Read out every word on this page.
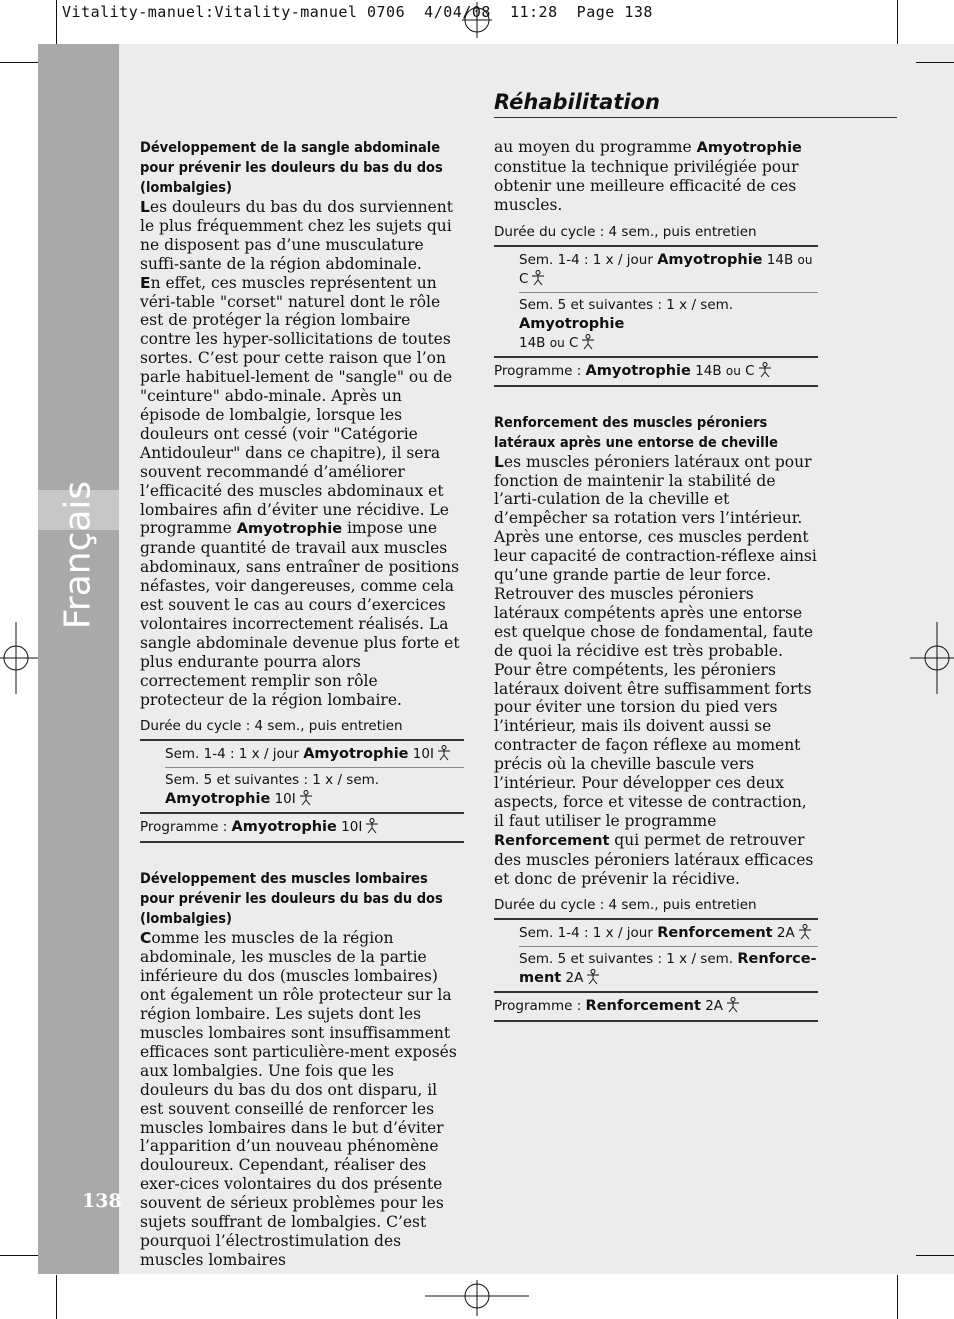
Vitality-manuel:Vitality-manuel 0706  4/04/08  11:28  Page 138
Français
138
Réhabilitation

Développement de la sangle abdominale pour prévenir les douleurs du bas du dos (lombalgies)

Les douleurs du bas du dos surviennent le plus fréquemment chez les sujets qui ne disposent pas d’une musculature suffi-sante de la région abdominale.

En effet, ces muscles représentent un véri-table "corset" naturel dont le rôle est de protéger la région lombaire contre les hyper-sollicitations de toutes sortes. C’est pour cette raison que l’on parle habituel-lement de "sangle" ou de "ceinture" abdo-minale. Après un épisode de lombalgie, lorsque les douleurs ont cessé (voir "Catégorie Antidouleur" dans ce chapitre), il sera souvent recommandé d’améliorer l’efficacité des muscles abdominaux et lombaires afin d’éviter une récidive. Le programme Amyotrophie impose une grande quantité de travail aux muscles abdominaux, sans entraîner de positions néfastes, voir dangereuses, comme cela est souvent le cas au cours d’exercices volontaires incorrectement réalisés. La sangle abdominale devenue plus forte et plus endurante pourra alors correctement remplir son rôle protecteur de la région lombaire.

Durée du cycle : 4 sem., puis entretien

Sem. 1-4 : 1 x / jour Amyotrophie 10I
Sem. 5 et suivantes : 1 x / sem.
Amyotrophie 10I
Programme : Amyotrophie 10I

Développement des muscles lombaires pour prévenir les douleurs du bas du dos (lombalgies)

Comme les muscles de la région abdominale, les muscles de la partie inférieure du dos (muscles lombaires) ont également un rôle protecteur sur la région lombaire. Les sujets dont les muscles lombaires sont insuffisamment efficaces sont particulière-ment exposés aux lombalgies. Une fois que les douleurs du bas du dos ont disparu, il est souvent conseillé de renforcer les muscles lombaires dans le but d’éviter l’apparition d’un nouveau phénomène douloureux. Cependant, réaliser des exer-cices volontaires du dos présente souvent de sérieux problèmes pour les sujets souffrant de lombalgies. C’est pourquoi l’électrostimulation des muscles lombaires

au moyen du programme Amyotrophie constitue la technique privilégiée pour obtenir une meilleure efficacité de ces muscles.

Durée du cycle : 4 sem., puis entretien

Sem. 1-4 : 1 x / jour Amyotrophie 14B ou C
Sem. 5 et suivantes : 1 x / sem. Amyotrophie
14B ou C
Programme : Amyotrophie 14B ou C

Renforcement des muscles péroniers latéraux après une entorse de cheville

Les muscles péroniers latéraux ont pour fonction de maintenir la stabilité de l’arti-culation de la cheville et d’empêcher sa rotation vers l’intérieur. Après une entorse, ces muscles perdent leur capacité de contraction-réflexe ainsi qu’une grande partie de leur force. Retrouver des muscles péroniers latéraux compétents après une entorse est quelque chose de fondamental, faute de quoi la récidive est très probable. Pour être compétents, les péroniers latéraux doivent être suffisamment forts pour éviter une torsion du pied vers l’intérieur, mais ils doivent aussi se contracter de façon réflexe au moment précis où la cheville bascule vers l’intérieur. Pour développer ces deux aspects, force et vitesse de contraction, il faut utiliser le programme Renforcement qui permet de retrouver des muscles péroniers latéraux efficaces et donc de prévenir la récidive.

Durée du cycle : 4 sem., puis entretien

Sem. 1-4 : 1 x / jour Renforcement 2A
Sem. 5 et suivantes : 1 x / sem. Renforce-ment 2A
Programme : Renforcement 2A
